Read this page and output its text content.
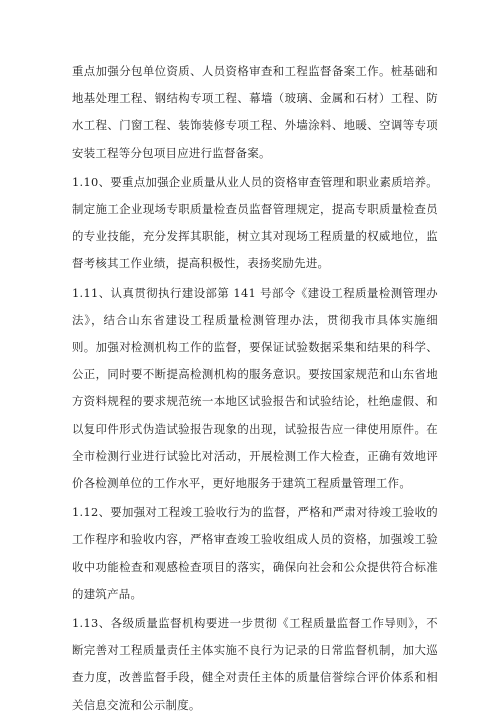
重点加强分包单位资质、人员资格审查和工程监督备案工作。桩基础和地基处理工程、钢结构专项工程、幕墙（玻璃、金属和石材）工程、防水工程、门窗工程、装饰装修专项工程、外墙涂料、地暖、空调等专项安装工程等分包项目应进行监督备案。

1.10、要重点加强企业质量从业人员的资格审查管理和职业素质培养。制定施工企业现场专职质量检查员监督管理规定，提高专职质量检查员的专业技能，充分发挥其职能，树立其对现场工程质量的权威地位，监督考核其工作业绩，提高积极性，表扬奖励先进。

1.11、认真贯彻执行建设部第 141 号部令《建设工程质量检测管理办法》，结合山东省建设工程质量检测管理办法，贯彻我市具体实施细则。加强对检测机构工作的监督，要保证试验数据采集和结果的科学、公正，同时要不断提高检测机构的服务意识。要按国家规范和山东省地方资料规程的要求规范统一本地区试验报告和试验结论，杜绝虚假、和以复印件形式伪造试验报告现象的出现，试验报告应一律使用原件。在全市检测行业进行试验比对活动，开展检测工作大检查，正确有效地评价各检测单位的工作水平，更好地服务于建筑工程质量管理工作。

1.12、要加强对工程竣工验收行为的监督，严格和严肃对待竣工验收的工作程序和验收内容，严格审查竣工验收组成人员的资格，加强竣工验收中功能检查和观感检查项目的落实，确保向社会和公众提供符合标准的建筑产品。

1.13、各级质量监督机构要进一步贯彻《工程质量监督工作导则》，不断完善对工程质量责任主体实施不良行为记录的日常监督机制，加大巡查力度，改善监督手段，健全对责任主体的质量信誉综合评价体系和相关信息交流和公示制度。
